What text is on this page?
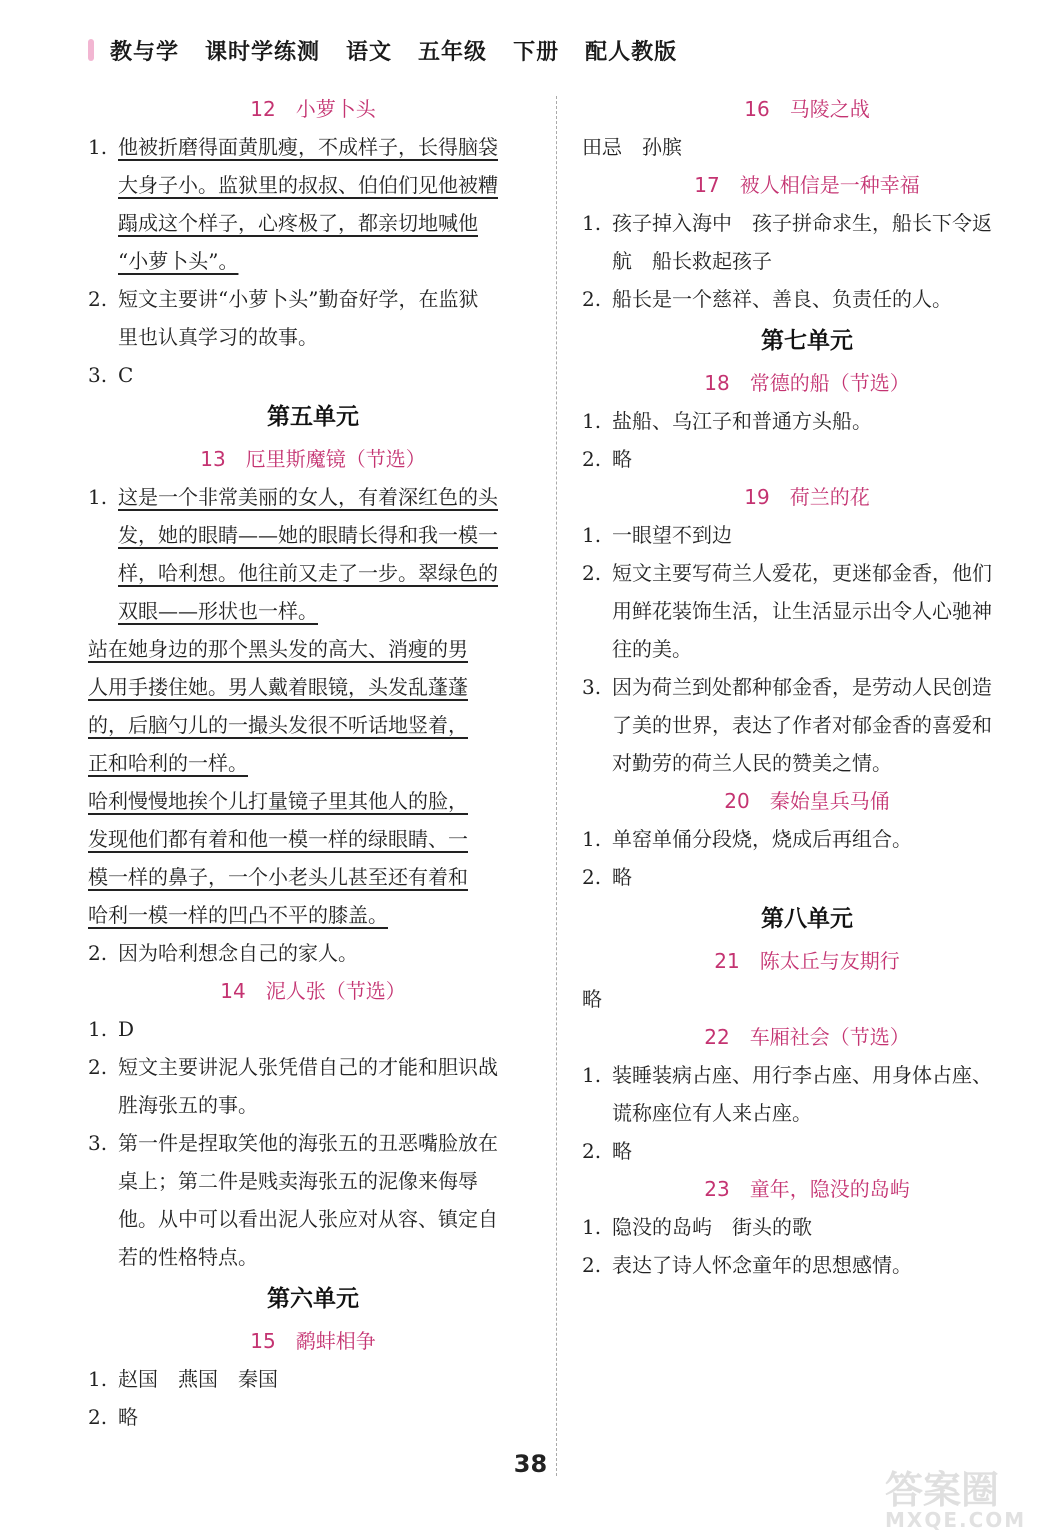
教与学 课时学练测 语文 五年级 下册 配人教版
12 小萝卜头
1. 他被折磨得面黄肌瘦，不成样子，长得脑袋
大身子小。监狱里的叔叔、伯伯们见他被糟
蹋成这个样子，心疼极了，都亲切地喊他
“小萝卜头”。
2. 短文主要讲“小萝卜头”勤奋好学，在监狱
里也认真学习的故事。
3. C
第五单元
13 厄里斯魔镜（节选）
1. 这是一个非常美丽的女人，有着深红色的头
发，她的眼睛——她的眼睛长得和我一模一
样，哈利想。他往前又走了一步。翠绿色的
双眼——形状也一样。
站在她身边的那个黑头发的高大、消瘦的男
人用手搂住她。男人戴着眼镜，头发乱蓬蓬
的，后脑勺儿的一撮头发很不听话地竖着，
正和哈利的一样。
哈利慢慢地挨个儿打量镜子里其他人的脸，
发现他们都有着和他一模一样的绿眼睛、一
模一样的鼻子，一个小老头儿甚至还有着和
哈利一模一样的凹凸不平的膝盖。
2. 因为哈利想念自己的家人。
14 泥人张（节选）
1. D
2. 短文主要讲泥人张凭借自己的才能和胆识战
胜海张五的事。
3. 第一件是捏取笑他的海张五的丑恶嘴脸放在
桌上；第二件是贱卖海张五的泥像来侮辱
他。从中可以看出泥人张应对从容、镇定自
若的性格特点。
第六单元
15 鹬蚌相争
1. 赵国　燕国　秦国
2. 略
16 马陵之战
田忌　孙膑
17 被人相信是一种幸福
1. 孩子掉入海中　孩子拼命求生，船长下令返
航　船长救起孩子
2. 船长是一个慈祥、善良、负责任的人。
第七单元
18 常德的船（节选）
1. 盐船、乌江子和普通方头船。
2. 略
19 荷兰的花
1. 一眼望不到边
2. 短文主要写荷兰人爱花，更迷郁金香，他们
用鲜花装饰生活，让生活显示出令人心驰神
往的美。
3. 因为荷兰到处都种郁金香，是劳动人民创造
了美的世界，表达了作者对郁金香的喜爱和
对勤劳的荷兰人民的赞美之情。
20 秦始皇兵马俑
1. 单窑单俑分段烧，烧成后再组合。
2. 略
第八单元
21 陈太丘与友期行
略
22 车厢社会（节选）
1. 装睡装病占座、用行李占座、用身体占座、
谎称座位有人来占座。
2. 略
23 童年，隐没的岛屿
1. 隐没的岛屿　街头的歌
2. 表达了诗人怀念童年的思想感情。
38
答案圈
MXQE.COM
